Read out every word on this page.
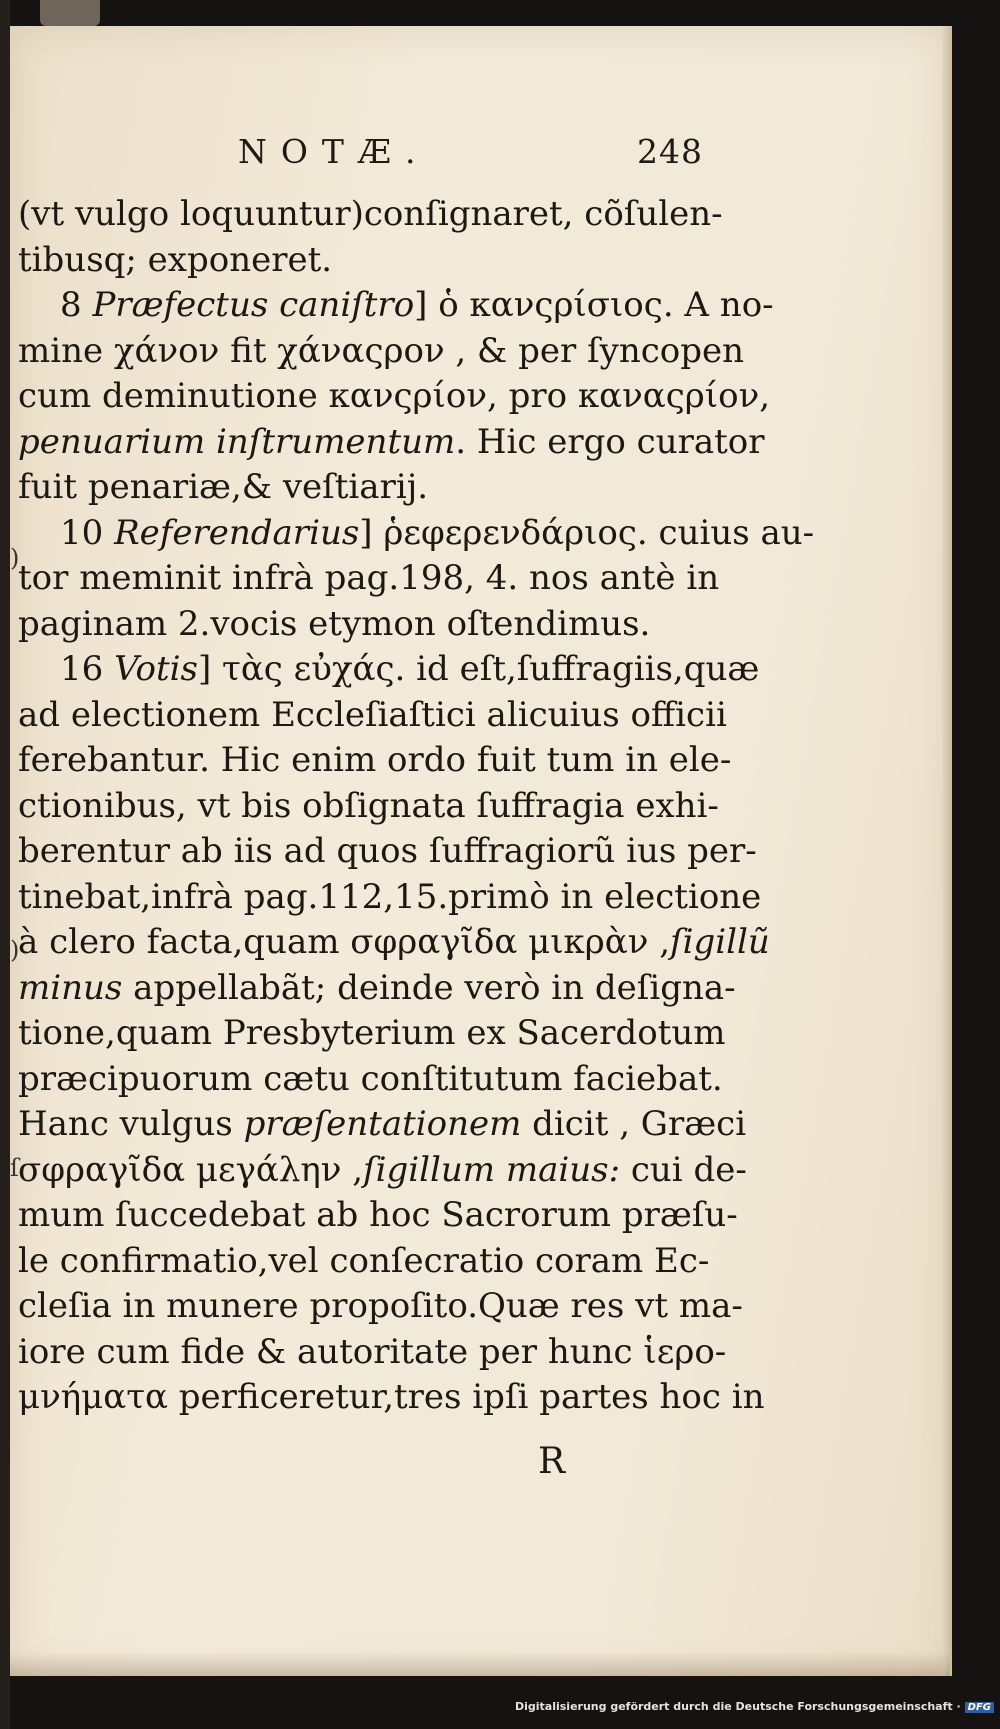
NOTÆ.	248
(vt vulgo loquuntur)conſignaret, cõſulen-
tibusq; exponeret.
8 Præfectus caniſtro] ὁ κανςρίσιος. A no-
mine χάνον fit χάναςρον , & per ſyncopen
cum deminutione κανςρίον, pro καναςρίον,
penuarium inſtrumentum. Hic ergo curator
fuit penariæ,& veſtiarij.
10 Referendarius] ῥεφερενδάριος. cuius au-
tor meminit infrà pag.198, 4. nos antè in
paginam 2.vocis etymon oſtendimus.
16 Votis] τὰς εὐχάς. id eſt,ſuffragiis,quæ
ad electionem Eccleſiaſtici alicuius officii
ferebantur. Hic enim ordo fuit tum in ele-
ctionibus, vt bis obſignata ſuffragia exhi-
berentur ab iis ad quos ſuffragiorũ ius per-
tinebat,infrà pag.112,15.primò in electione
à clero facta,quam σφραγῖδα μικρὰν ,ſigillũ
minus appellabãt; deinde verò in deſigna-
tione,quam Presbyterium ex Sacerdotum
præcipuorum cætu conſtitutum faciebat.
Hanc vulgus præſentationem dicit , Græci
σφραγῖδα μεγάλην ,ſigillum maius: cui de-
mum ſuccedebat ab hoc Sacrorum præſu-
le confirmatio,vel conſecratio coram Ec-
cleſia in munere propoſito.Quæ res vt ma-
iore cum fide & autoritate per hunc ἱερο-
μνήματα perficeretur,tres ipſi partes hoc in
R
)
)
ſ
Digitalisierung gefördert durch die Deutsche Forschungsgemeinschaft · DFG
